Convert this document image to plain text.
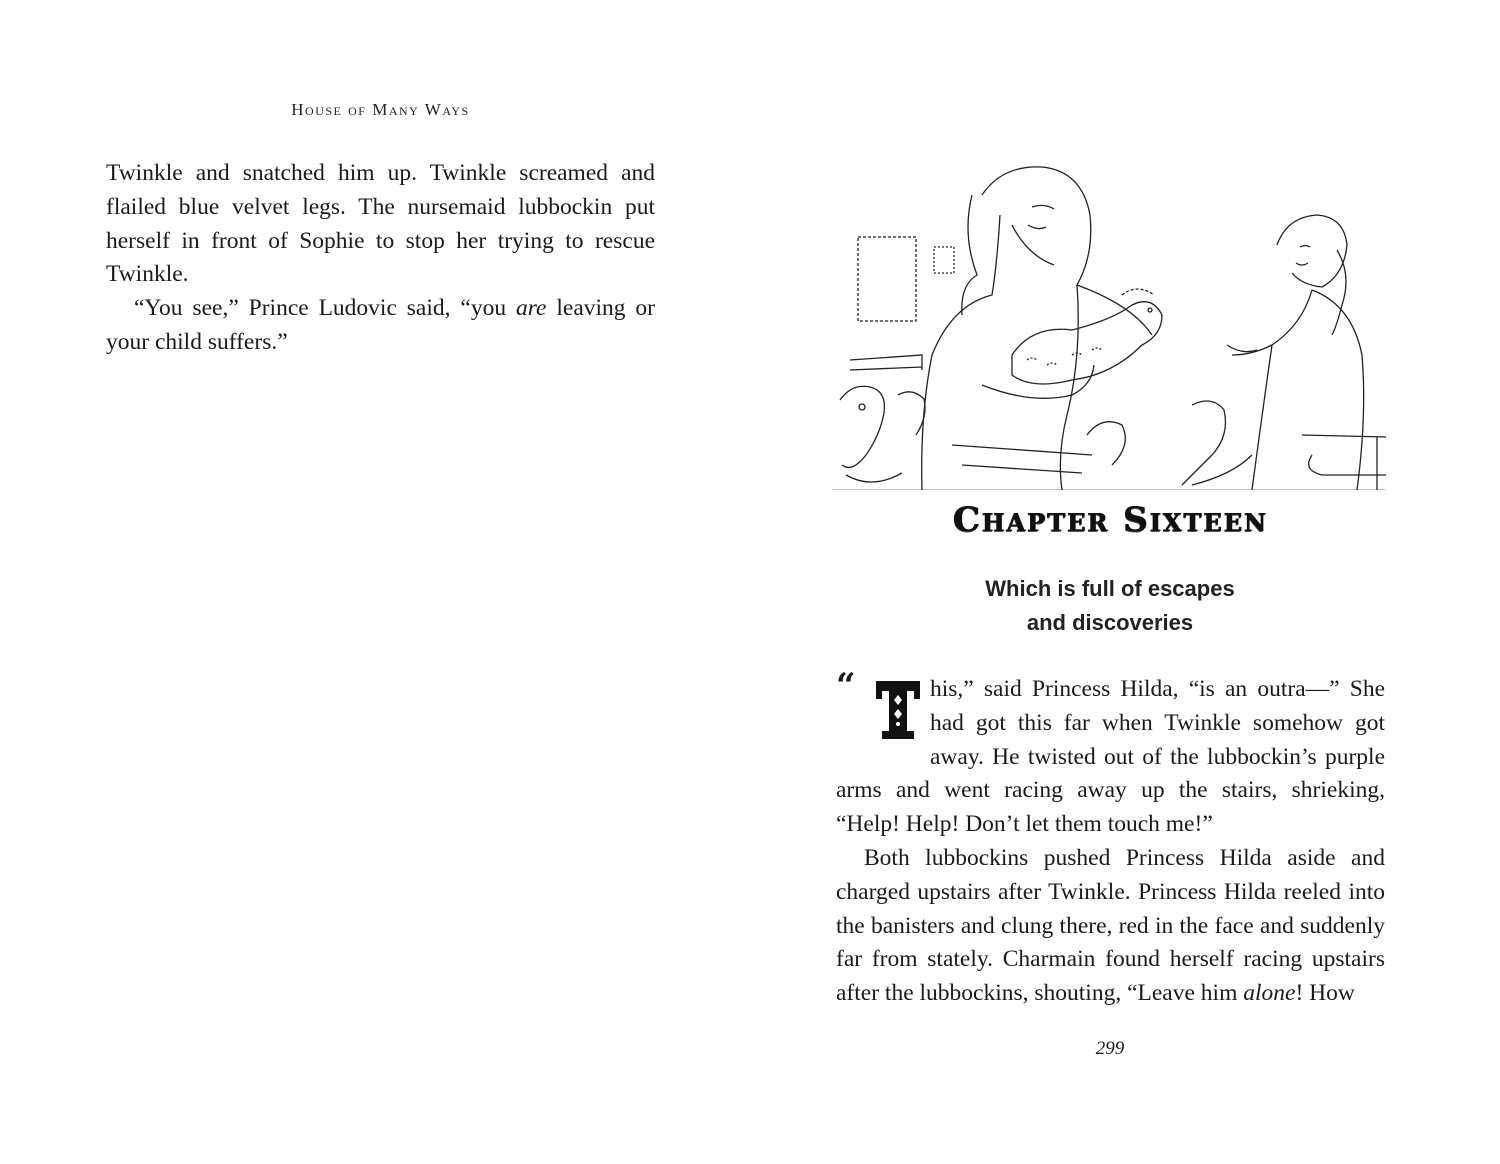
House of Many Ways

Twinkle and snatched him up. Twinkle screamed and flailed blue velvet legs. The nursemaid lubbockin put herself in front of Sophie to stop her trying to rescue Twinkle.

“You see,” Prince Ludovic said, “you are leaving or your child suffers.”

Chapter Sixteen
Which is full of escapes
and discoveries
“
T

his,” said Princess Hilda, “is an outra—” She had got this far when Twinkle somehow got away. He twisted out of the lubbockin’s purple arms and went racing away up the stairs, shrieking, “Help! Help! Don’t let them touch me!”

Both lubbockins pushed Princess Hilda aside and charged upstairs after Twinkle. Princess Hilda reeled into the banisters and clung there, red in the face and suddenly far from stately. Charmain found herself racing upstairs after the lubbockins, shouting, “Leave him alone! How

299
